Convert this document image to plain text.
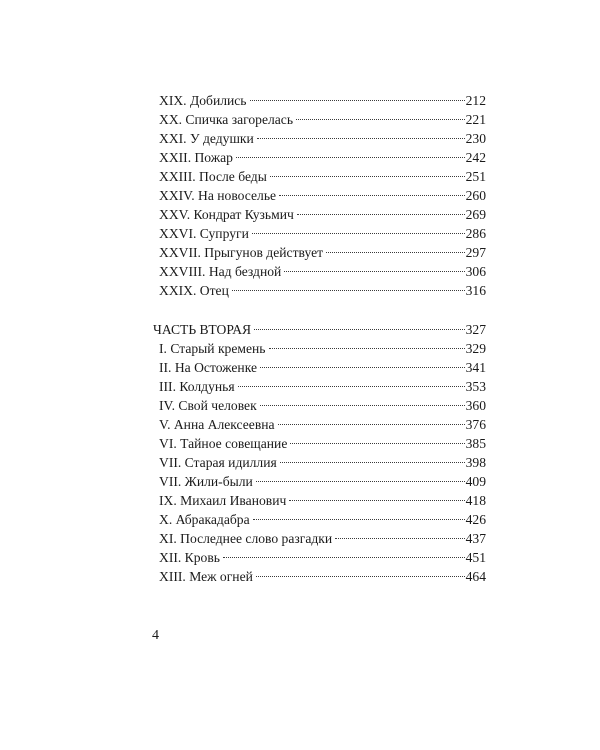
XIX. Добились	212
XX. Спичка загорелась	221
XXI. У дедушки	230
XXII. Пожар	242
XXIII. После беды	251
XXIV. На новоселье	260
XXV. Кондрат Кузьмич	269
XXVI. Супруги	286
XXVII. Прыгунов действует	297
XXVIII. Над бездной	306
XXIX. Отец	316
ЧАСТЬ ВТОРАЯ	327
I. Старый кремень	329
II. На Остоженке	341
III. Колдунья	353
IV. Свой человек	360
V. Анна Алексеевна	376
VI. Тайное совещание	385
VII. Старая идиллия	398
VII. Жили-были	409
IX. Михаил Иванович	418
X. Абракадабра	426
XI. Последнее слово разгадки	437
XII. Кровь	451
XIII. Меж огней	464
4
